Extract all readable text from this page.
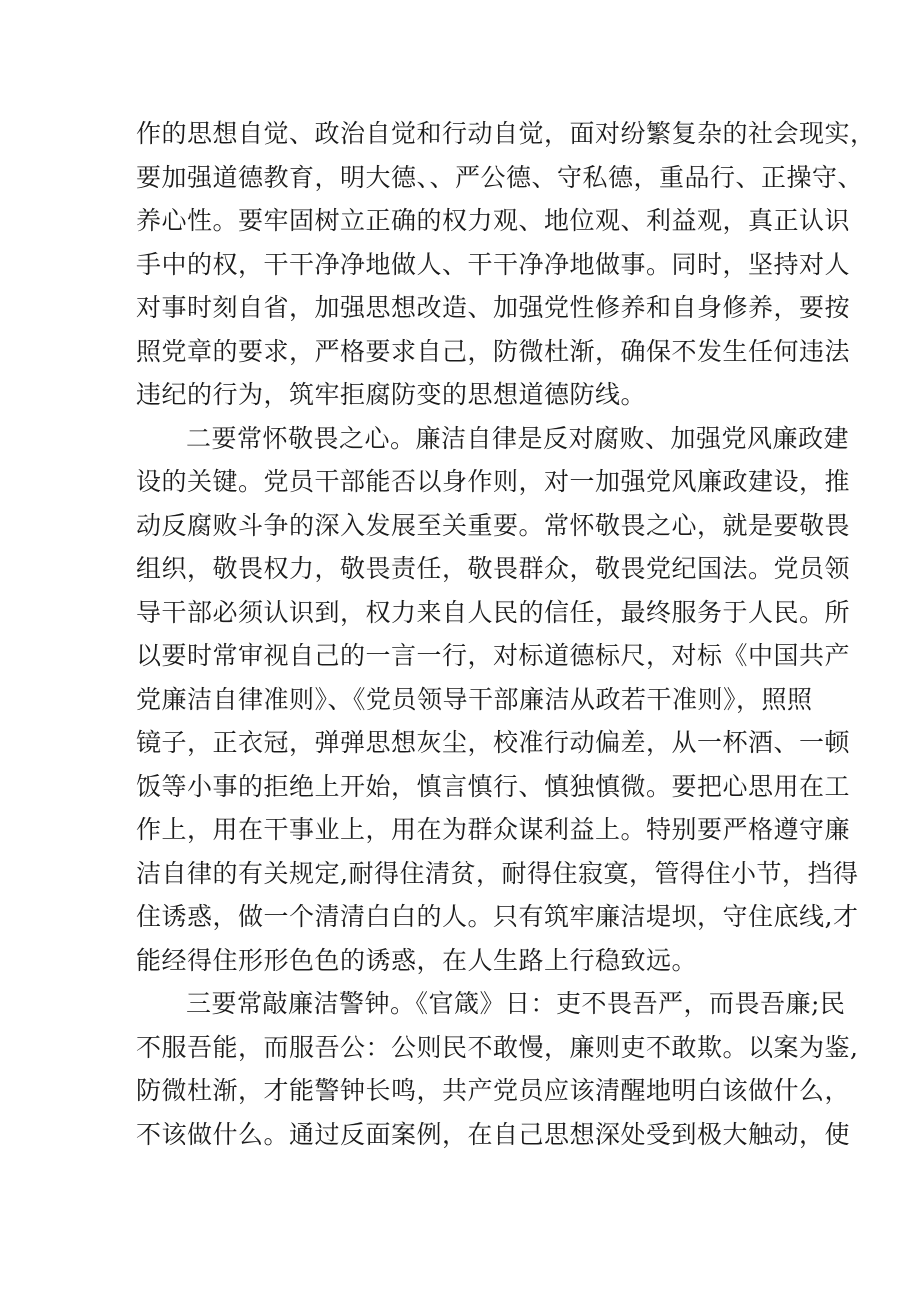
作的思想自觉、政治自觉和行动自觉，面对纷繁复杂的社会现实，
要加强道德教育，明大德、、严公德、守私德，重品行、正操守、
养心性。要牢固树立正确的权力观、地位观、利益观，真正认识
手中的权，干干净净地做人、干干净净地做事。同时，坚持对人
对事时刻自省，加强思想改造、加强党性修养和自身修养，要按
照党章的要求，严格要求自己，防微杜渐，确保不发生任何违法
违纪的行为，筑牢拒腐防变的思想道德防线。
二要常怀敬畏之心。廉洁自律是反对腐败、加强党风廉政建
设的关键。党员干部能否以身作则，对一加强党风廉政建设，推
动反腐败斗争的深入发展至关重要。常怀敬畏之心，就是要敬畏
组织，敬畏权力，敬畏责任，敬畏群众，敬畏党纪国法。党员领
导干部必须认识到，权力来自人民的信任，最终服务于人民。所
以要时常审视自己的一言一行，对标道德标尺，对标《中国共产
党廉洁自律准则》、《党员领导干部廉洁从政若干准则》，照照
镜子，正衣冠，弹弹思想灰尘，校准行动偏差，从一杯酒、一顿
饭等小事的拒绝上开始，慎言慎行、慎独慎微。要把心思用在工
作上，用在干事业上，用在为群众谋利益上。特别要严格遵守廉
洁自律的有关规定,耐得住清贫，耐得住寂寞，管得住小节，挡得
住诱惑，做一个清清白白的人。只有筑牢廉洁堤坝，守住底线,才
能经得住形形色色的诱惑，在人生路上行稳致远。
三要常敲廉洁警钟。《官箴》日：吏不畏吾严，而畏吾廉;民
不服吾能，而服吾公：公则民不敢慢，廉则吏不敢欺。以案为鉴,
防微杜渐，才能警钟长鸣，共产党员应该清醒地明白该做什么，
不该做什么。通过反面案例，在自己思想深处受到极大触动，使
